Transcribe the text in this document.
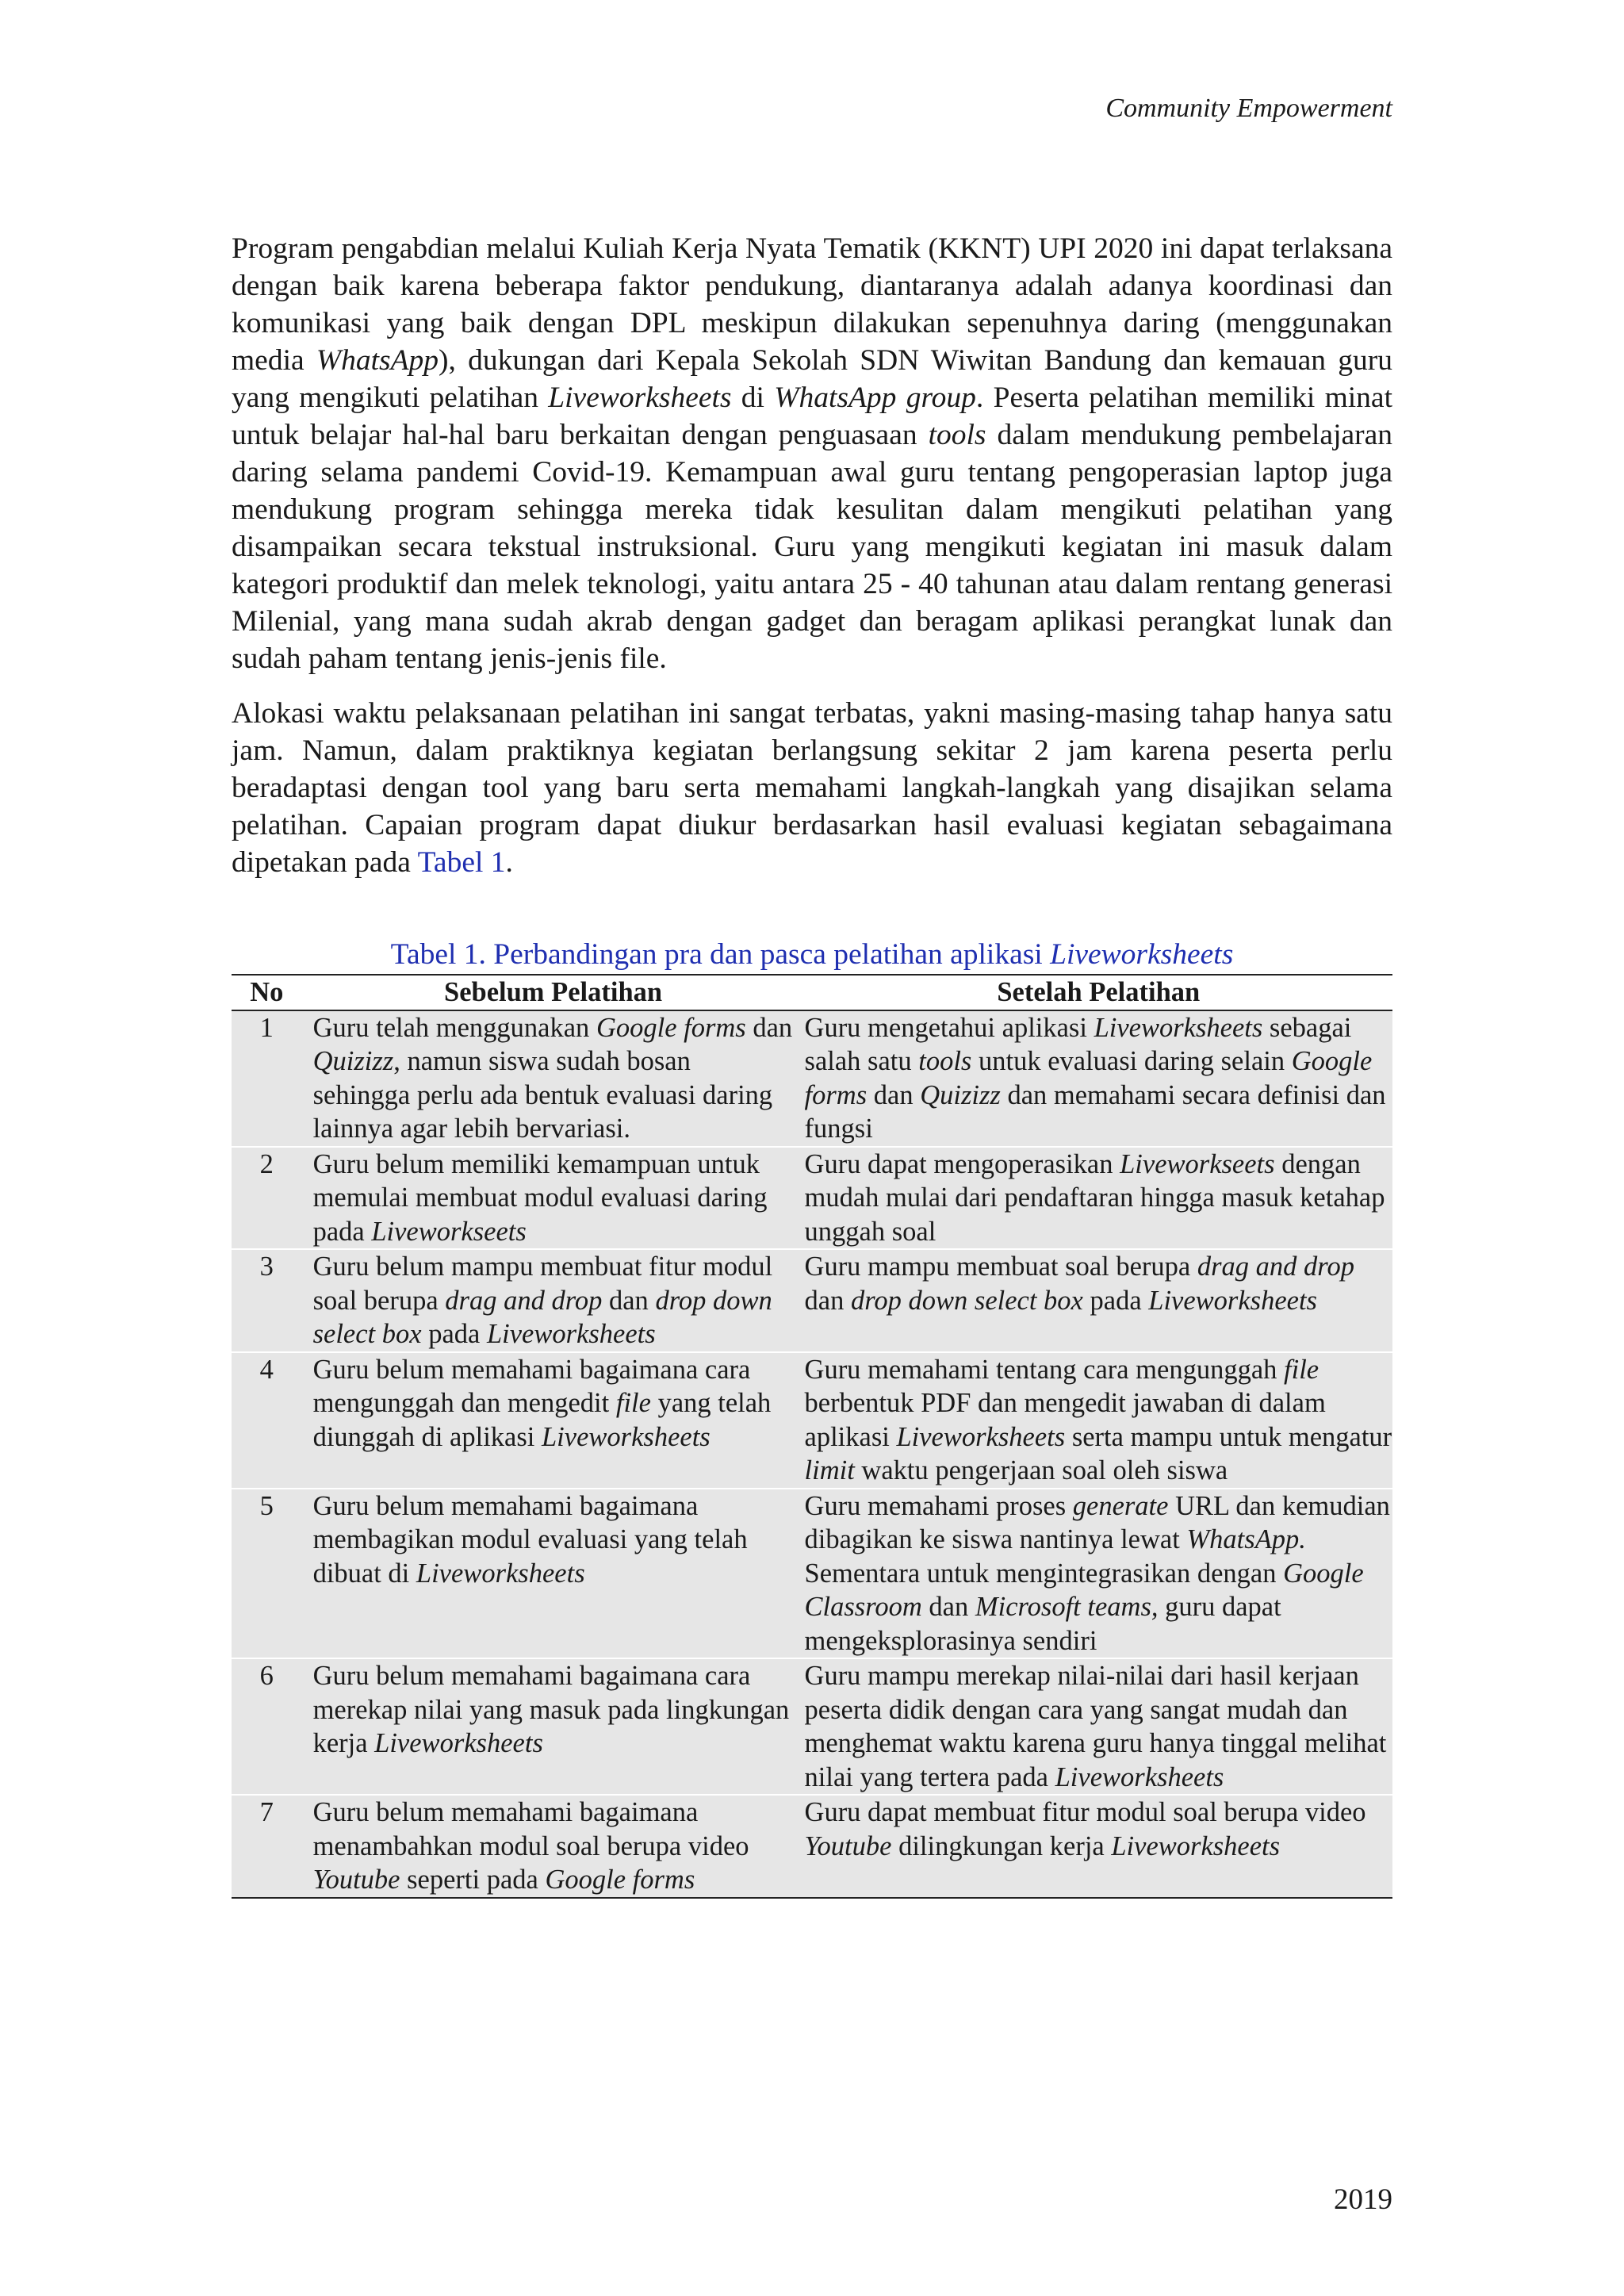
Community Empowerment

Program pengabdian melalui Kuliah Kerja Nyata Tematik (KKNT) UPI 2020 ini dapat terlaksana dengan baik karena beberapa faktor pendukung, diantaranya adalah adanya koordinasi dan komunikasi yang baik dengan DPL meskipun dilakukan sepenuhnya daring (menggunakan media WhatsApp), dukungan dari Kepala Sekolah SDN Wiwitan Bandung dan kemauan guru yang mengikuti pelatihan Liveworksheets di WhatsApp group. Peserta pelatihan memiliki minat untuk belajar hal-hal baru berkaitan dengan penguasaan tools dalam mendukung pembelajaran daring selama pandemi Covid-19. Kemampuan awal guru tentang pengoperasian laptop juga mendukung program sehingga mereka tidak kesulitan dalam mengikuti pelatihan yang disampaikan secara tekstual instruksional. Guru yang mengikuti kegiatan ini masuk dalam kategori produktif dan melek teknologi, yaitu antara 25 - 40 tahunan atau dalam rentang generasi Milenial, yang mana sudah akrab dengan gadget dan beragam aplikasi perangkat lunak dan sudah paham tentang jenis-jenis file.

Alokasi waktu pelaksanaan pelatihan ini sangat terbatas, yakni masing-masing tahap hanya satu jam. Namun, dalam praktiknya kegiatan berlangsung sekitar 2 jam karena peserta perlu beradaptasi dengan tool yang baru serta memahami langkah-langkah yang disajikan selama pelatihan. Capaian program dapat diukur berdasarkan hasil evaluasi kegiatan sebagaimana dipetakan pada Tabel 1.

Tabel 1. Perbandingan pra dan pasca pelatihan aplikasi Liveworksheets
No	Sebelum Pelatihan	Setelah Pelatihan
1	Guru telah menggunakan Google forms dan Quizizz, namun siswa sudah bosan sehingga perlu ada bentuk evaluasi daring lainnya agar lebih bervariasi.	Guru mengetahui aplikasi Liveworksheets sebagai salah satu tools untuk evaluasi daring selain Google forms dan Quizizz dan memahami secara definisi dan fungsi
2	Guru belum memiliki kemampuan untuk memulai membuat modul evaluasi daring pada Liveworkseets	Guru dapat mengoperasikan Liveworkseets dengan mudah mulai dari pendaftaran hingga masuk ketahap unggah soal
3	Guru belum mampu membuat fitur modul soal berupa drag and drop dan drop down select box pada Liveworksheets	Guru mampu membuat soal berupa drag and drop dan drop down select box pada Liveworksheets
4	Guru belum memahami bagaimana cara mengunggah dan mengedit file yang telah diunggah di aplikasi Liveworksheets	Guru memahami tentang cara mengunggah file berbentuk PDF dan mengedit jawaban di dalam aplikasi Liveworksheets serta mampu untuk mengatur limit waktu pengerjaan soal oleh siswa
5	Guru belum memahami bagaimana membagikan modul evaluasi yang telah dibuat di Liveworksheets	Guru memahami proses generate URL dan kemudian dibagikan ke siswa nantinya lewat WhatsApp. Sementara untuk mengintegrasikan dengan Google Classroom dan Microsoft teams, guru dapat mengeksplorasinya sendiri
6	Guru belum memahami bagaimana cara merekap nilai yang masuk pada lingkungan kerja Liveworksheets	Guru mampu merekap nilai-nilai dari hasil kerjaan peserta didik dengan cara yang sangat mudah dan menghemat waktu karena guru hanya tinggal melihat nilai yang tertera pada Liveworksheets
7	Guru belum memahami bagaimana menambahkan modul soal berupa video Youtube seperti pada Google forms	Guru dapat membuat fitur modul soal berupa video Youtube dilingkungan kerja Liveworksheets
2019
